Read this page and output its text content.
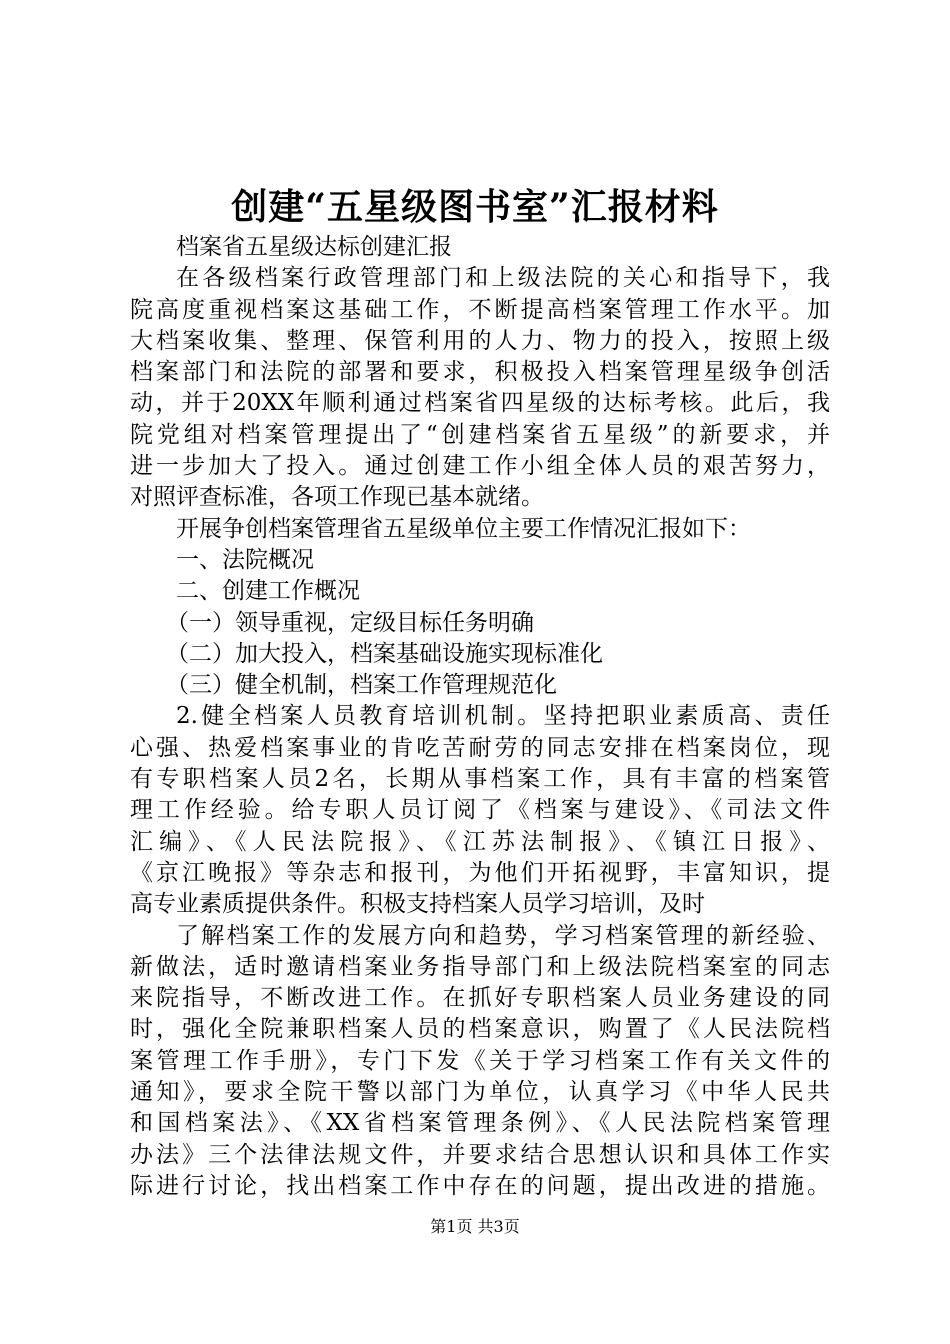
创建“五星级图书室”汇报材料
档案省五星级达标创建汇报
在各级档案行政管理部门和上级法院的关心和指导下，我
院高度重视档案这基础工作，不断提高档案管理工作水平。加
大档案收集、整理、保管利用的人力、物力的投入，按照上级
档案部门和法院的部署和要求，积极投入档案管理星级争创活
动，并于20XX年顺利通过档案省四星级的达标考核。此后，我
院党组对档案管理提出了“创建档案省五星级”的新要求，并
进一步加大了投入。通过创建工作小组全体人员的艰苦努力，
对照评查标准，各项工作现已基本就绪。
开展争创档案管理省五星级单位主要工作情况汇报如下：
一、法院概况
二、创建工作概况
（一）领导重视，定级目标任务明确
（二）加大投入，档案基础设施实现标准化
（三）健全机制，档案工作管理规范化
2.健全档案人员教育培训机制。坚持把职业素质高、责任
心强、热爱档案事业的肯吃苦耐劳的同志安排在档案岗位，现
有专职档案人员2名，长期从事档案工作，具有丰富的档案管
理工作经验。给专职人员订阅了《档案与建设》、《司法文件
汇编》、《人民法院报》、《江苏法制报》、《镇江日报》、
《京江晚报》等杂志和报刊，为他们开拓视野，丰富知识，提
高专业素质提供条件。积极支持档案人员学习培训，及时
了解档案工作的发展方向和趋势，学习档案管理的新经验、
新做法，适时邀请档案业务指导部门和上级法院档案室的同志
来院指导，不断改进工作。在抓好专职档案人员业务建设的同
时，强化全院兼职档案人员的档案意识，购置了《人民法院档
案管理工作手册》，专门下发《关于学习档案工作有关文件的
通知》，要求全院干警以部门为单位，认真学习《中华人民共
和国档案法》、《XX省档案管理条例》、《人民法院档案管理
办法》三个法律法规文件，并要求结合思想认识和具体工作实
际进行讨论，找出档案工作中存在的问题，提出改进的措施。
第1页 共3页
